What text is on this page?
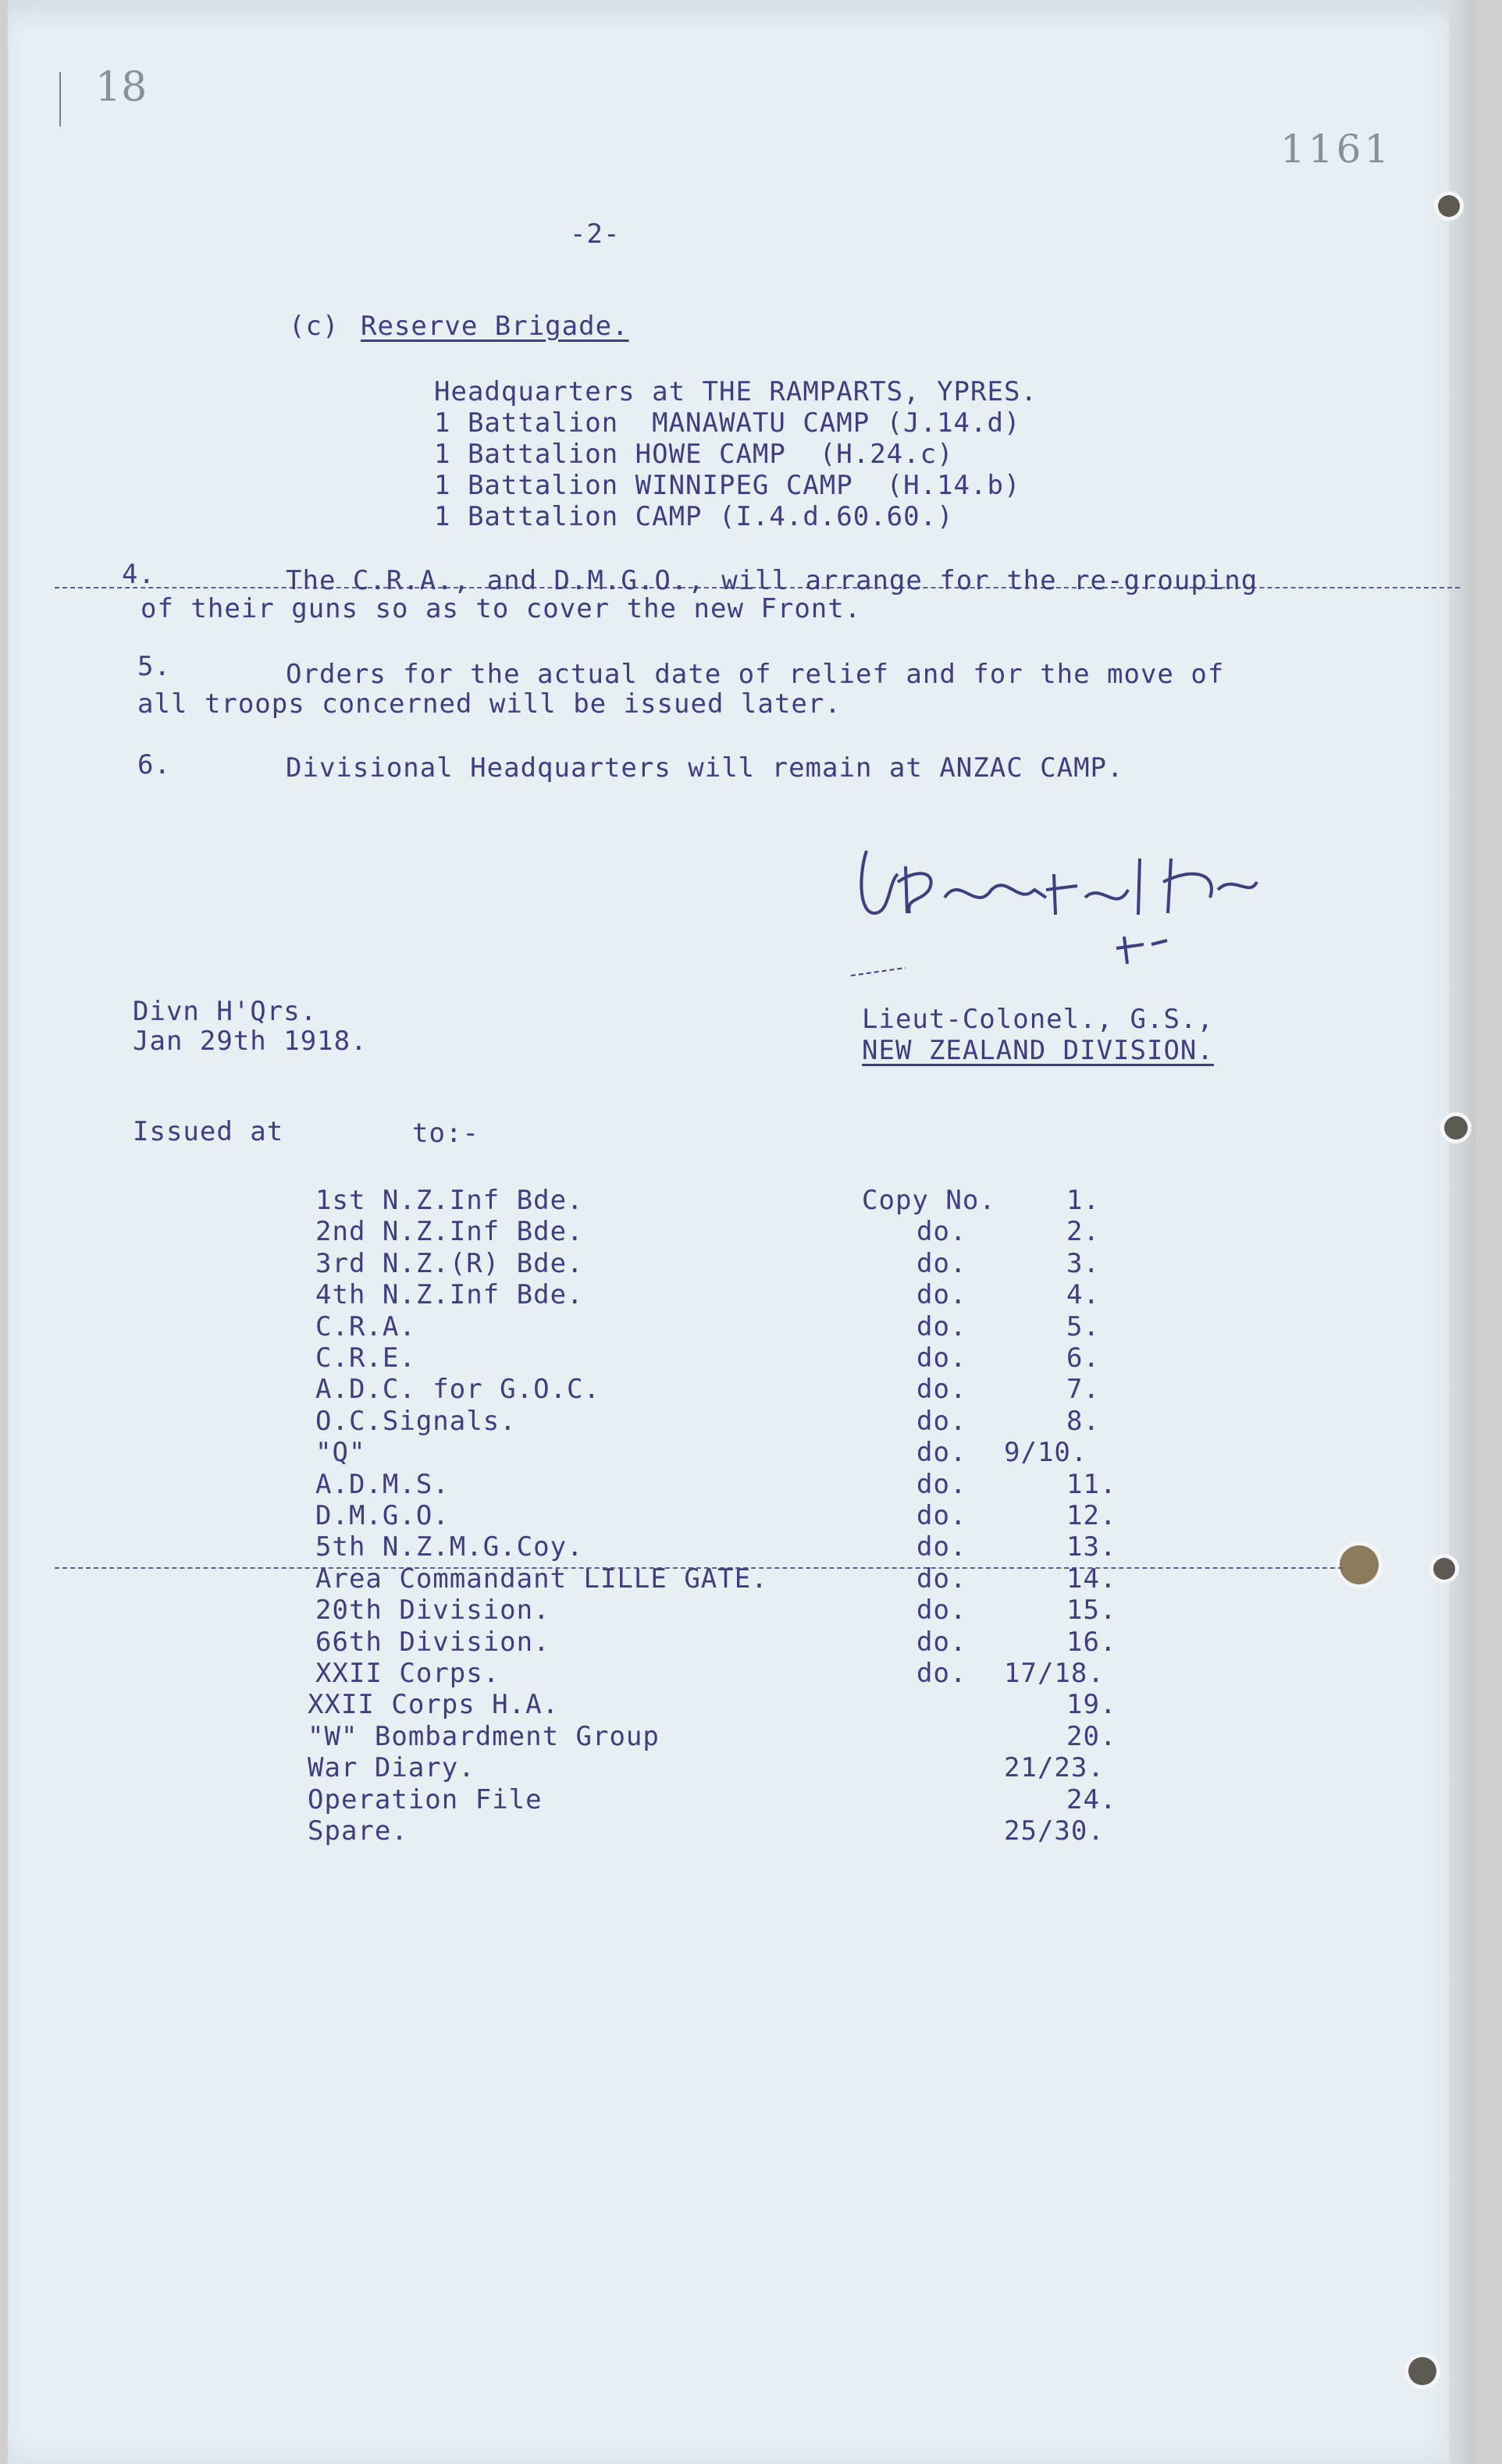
18
1161
-2-
(c) Reserve Brigade.
Headquarters at THE RAMPARTS, YPRES.
1 Battalion  MANAWATU CAMP (J.14.d)
1 Battalion HOWE CAMP  (H.24.c)
1 Battalion WINNIPEG CAMP  (H.14.b)
1 Battalion CAMP (I.4.d.60.60.)
4.	The C.R.A., and D.M.G.O., will arrange for the re-grouping
of their guns so as to cover the new Front.
5.	Orders for the actual date of relief and for the move of
all troops concerned will be issued later.
6.	Divisional Headquarters will remain at ANZAC CAMP.
Divn H'Qrs.
Jan 29th 1918.
Lieut-Colonel., G.S.,
NEW ZEALAND DIVISION.
Issued at	to:-
1st N.Z.Inf Bde.	Copy No.	1.
2nd N.Z.Inf Bde.	do.	2.
3rd N.Z.(R) Bde.	do.	3.
4th N.Z.Inf Bde.	do.	4.
C.R.A.	do.	5.
C.R.E.	do.	6.
A.D.C. for G.O.C.	do.	7.
O.C.Signals.	do.	8.
"Q"	do. 9/10.
A.D.M.S.	do.	11.
D.M.G.O.	do.	12.
5th N.Z.M.G.Coy.	do.	13.
Area Commandant LILLE GATE.	do.	14.
20th Division.	do.	15.
66th Division.	do.	16.
XXII Corps.	do. 17/18.
XXII Corps H.A.	19.
"W" Bombardment Group	20.
War Diary.	21/23.
Operation File	24.
Spare.	25/30.
